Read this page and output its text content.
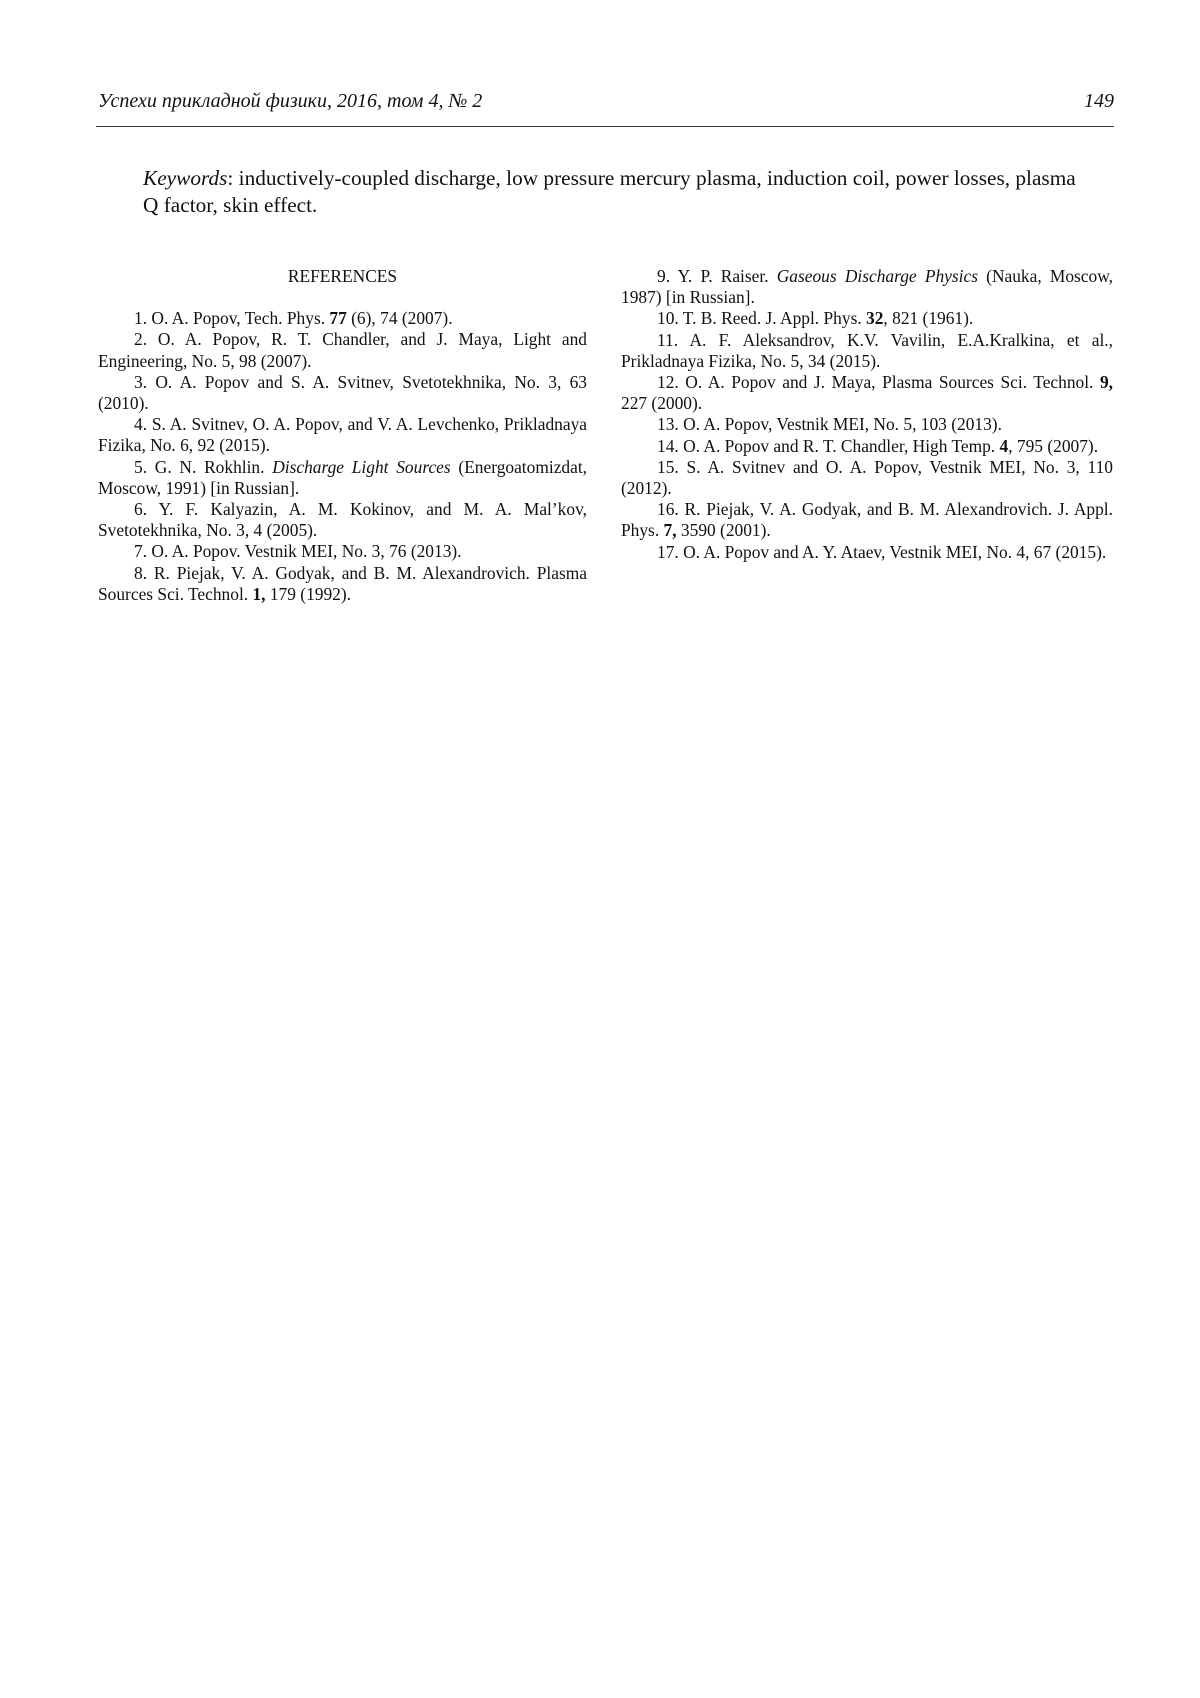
Успехи прикладной физики, 2016, том 4, № 2	149

Keywords: inductively-coupled discharge, low pressure mercury plasma, induction coil, power losses, plasma Q factor, skin effect.

REFERENCES

1. O. A. Popov, Tech. Phys. 77 (6), 74 (2007).

2. O. A. Popov, R. T. Chandler, and J. Maya, Light and Engineering, No. 5, 98 (2007).

3. O. A. Popov and S. A. Svitnev, Svetotekhnika, No. 3, 63 (2010).

4. S. A. Svitnev, O. A. Popov, and V. A. Levchenko, Prikladnaya Fizika, No. 6, 92 (2015).

5. G. N. Rokhlin. Discharge Light Sources (Energoatomizdat, Moscow, 1991) [in Russian].

6. Y. F. Kalyazin, A. M. Kokinov, and M. A. Mal’kov, Svetotekhnika, No. 3, 4 (2005).

7. O. A. Popov. Vestnik MEI, No. 3, 76 (2013).

8. R. Piejak, V. A. Godyak, and B. M. Alexandrovich. Plasma Sources Sci. Technol. 1, 179 (1992).

9. Y. P. Raiser. Gaseous Discharge Physics (Nauka, Moscow, 1987) [in Russian].

10. T. B. Reed. J. Appl. Phys. 32, 821 (1961).

11. A. F. Aleksandrov, K.V. Vavilin, E.A.Kralkina, et al., Prikladnaya Fizika, No. 5, 34 (2015).

12. O. A. Popov and J. Maya, Plasma Sources Sci. Technol. 9, 227 (2000).

13. O. A. Popov, Vestnik MEI, No. 5, 103 (2013).

14. O. A. Popov and R. T. Chandler, High Temp. 4, 795 (2007).

15. S. A. Svitnev and O. A. Popov, Vestnik MEI, No. 3, 110 (2012).

16. R. Piejak, V. A. Godyak, and B. M. Alexandrovich. J. Appl. Phys. 7, 3590 (2001).

17. O. A. Popov and A. Y. Ataev, Vestnik MEI, No. 4, 67 (2015).
